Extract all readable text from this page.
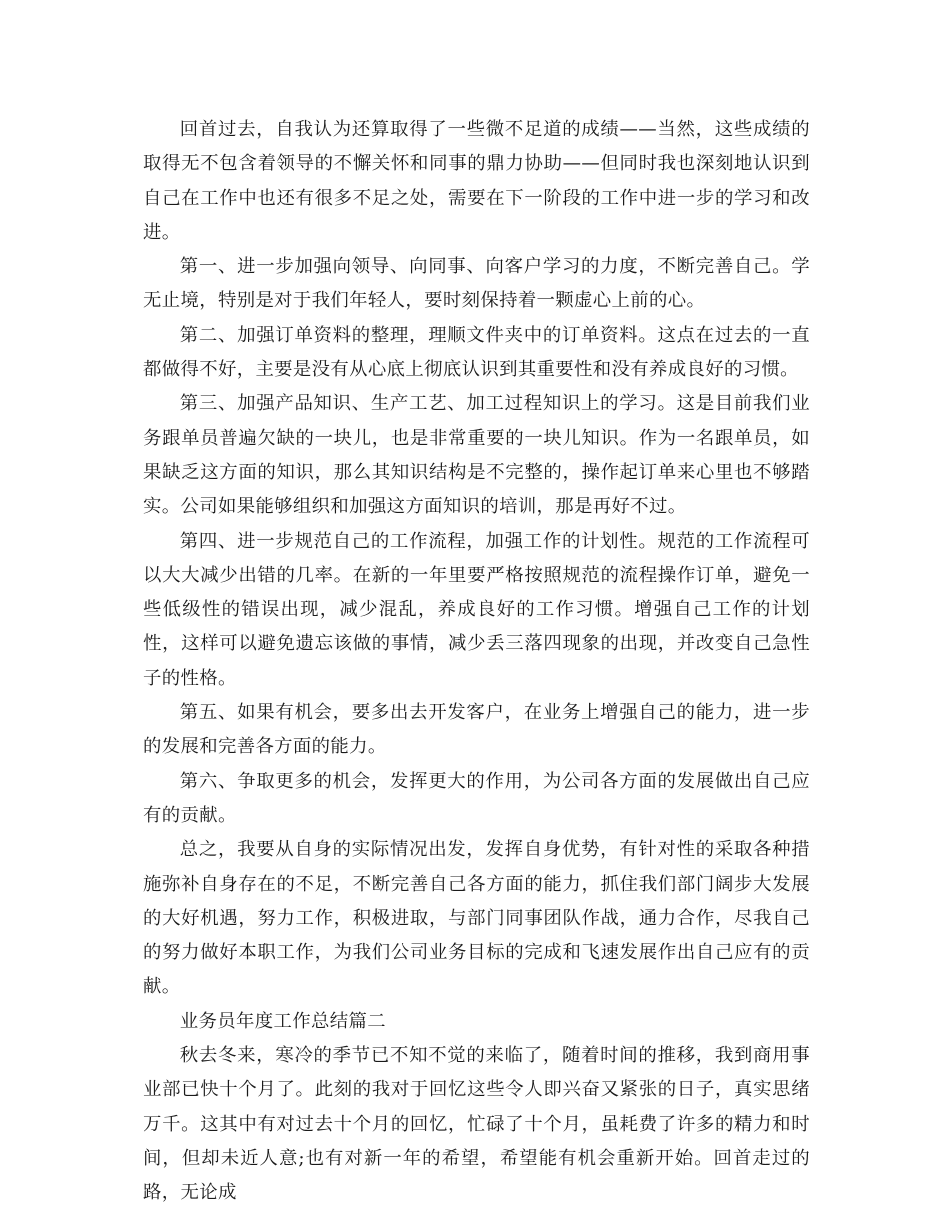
回首过去，自我认为还算取得了一些微不足道的成绩——当然，这些成绩的取得无不包含着领导的不懈关怀和同事的鼎力协助——但同时我也深刻地认识到自己在工作中也还有很多不足之处，需要在下一阶段的工作中进一步的学习和改进。

第一、进一步加强向领导、向同事、向客户学习的力度，不断完善自己。学无止境，特别是对于我们年轻人，要时刻保持着一颗虚心上前的心。

第二、加强订单资料的整理，理顺文件夹中的订单资料。这点在过去的一直都做得不好，主要是没有从心底上彻底认识到其重要性和没有养成良好的习惯。

第三、加强产品知识、生产工艺、加工过程知识上的学习。这是目前我们业务跟单员普遍欠缺的一块儿，也是非常重要的一块儿知识。作为一名跟单员，如果缺乏这方面的知识，那么其知识结构是不完整的，操作起订单来心里也不够踏实。公司如果能够组织和加强这方面知识的培训，那是再好不过。

第四、进一步规范自己的工作流程，加强工作的计划性。规范的工作流程可以大大减少出错的几率。在新的一年里要严格按照规范的流程操作订单，避免一些低级性的错误出现，减少混乱，养成良好的工作习惯。增强自己工作的计划性，这样可以避免遗忘该做的事情，减少丢三落四现象的出现，并改变自己急性子的性格。

第五、如果有机会，要多出去开发客户，在业务上增强自己的能力，进一步的发展和完善各方面的能力。

第六、争取更多的机会，发挥更大的作用，为公司各方面的发展做出自己应有的贡献。

总之，我要从自身的实际情况出发，发挥自身优势，有针对性的采取各种措施弥补自身存在的不足，不断完善自己各方面的能力，抓住我们部门阔步大发展的大好机遇，努力工作，积极进取，与部门同事团队作战，通力合作，尽我自己的努力做好本职工作，为我们公司业务目标的完成和飞速发展作出自己应有的贡献。

业务员年度工作总结篇二

秋去冬来，寒冷的季节已不知不觉的来临了，随着时间的推移，我到商用事业部已快十个月了。此刻的我对于回忆这些令人即兴奋又紧张的日子，真实思绪万千。这其中有对过去十个月的回忆，忙碌了十个月，虽耗费了许多的精力和时间，但却未近人意;也有对新一年的希望，希望能有机会重新开始。回首走过的路，无论成
